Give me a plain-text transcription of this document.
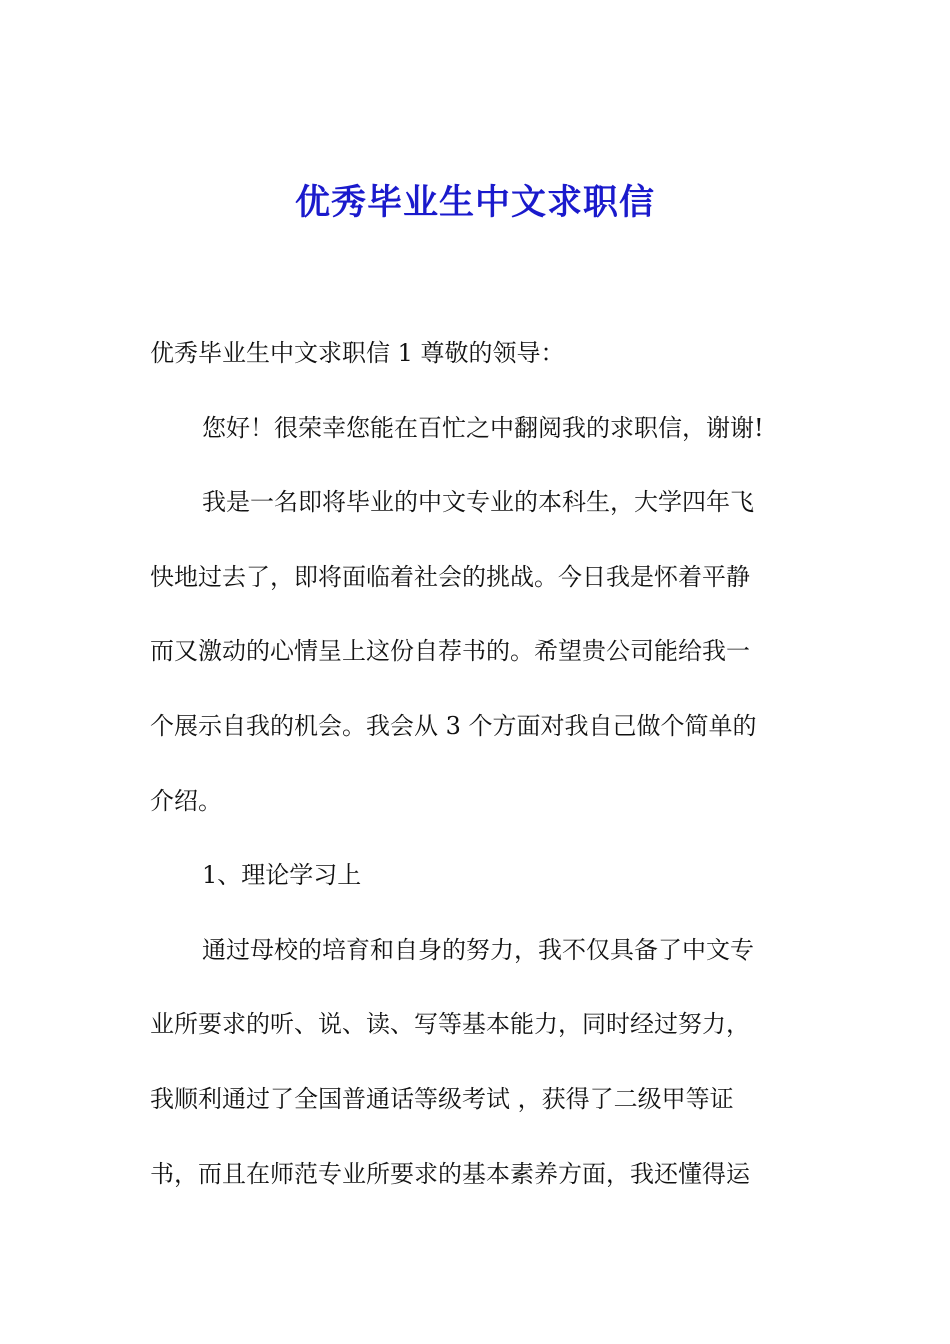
优秀毕业生中文求职信
优秀毕业生中文求职信 1 尊敬的领导：
您好！很荣幸您能在百忙之中翻阅我的求职信，谢谢!
我是一名即将毕业的中文专业的本科生，大学四年飞
快地过去了，即将面临着社会的挑战。今日我是怀着平静
而又激动的心情呈上这份自荐书的。希望贵公司能给我一
个展示自我的机会。我会从 3 个方面对我自己做个简单的
介绍。
1、理论学习上
通过母校的培育和自身的努力，我不仅具备了中文专
业所要求的听、说、读、写等基本能力，同时经过努力，
我顺利通过了全国普通话等级考试 ，获得了二级甲等证
书，而且在师范专业所要求的基本素养方面，我还懂得运
